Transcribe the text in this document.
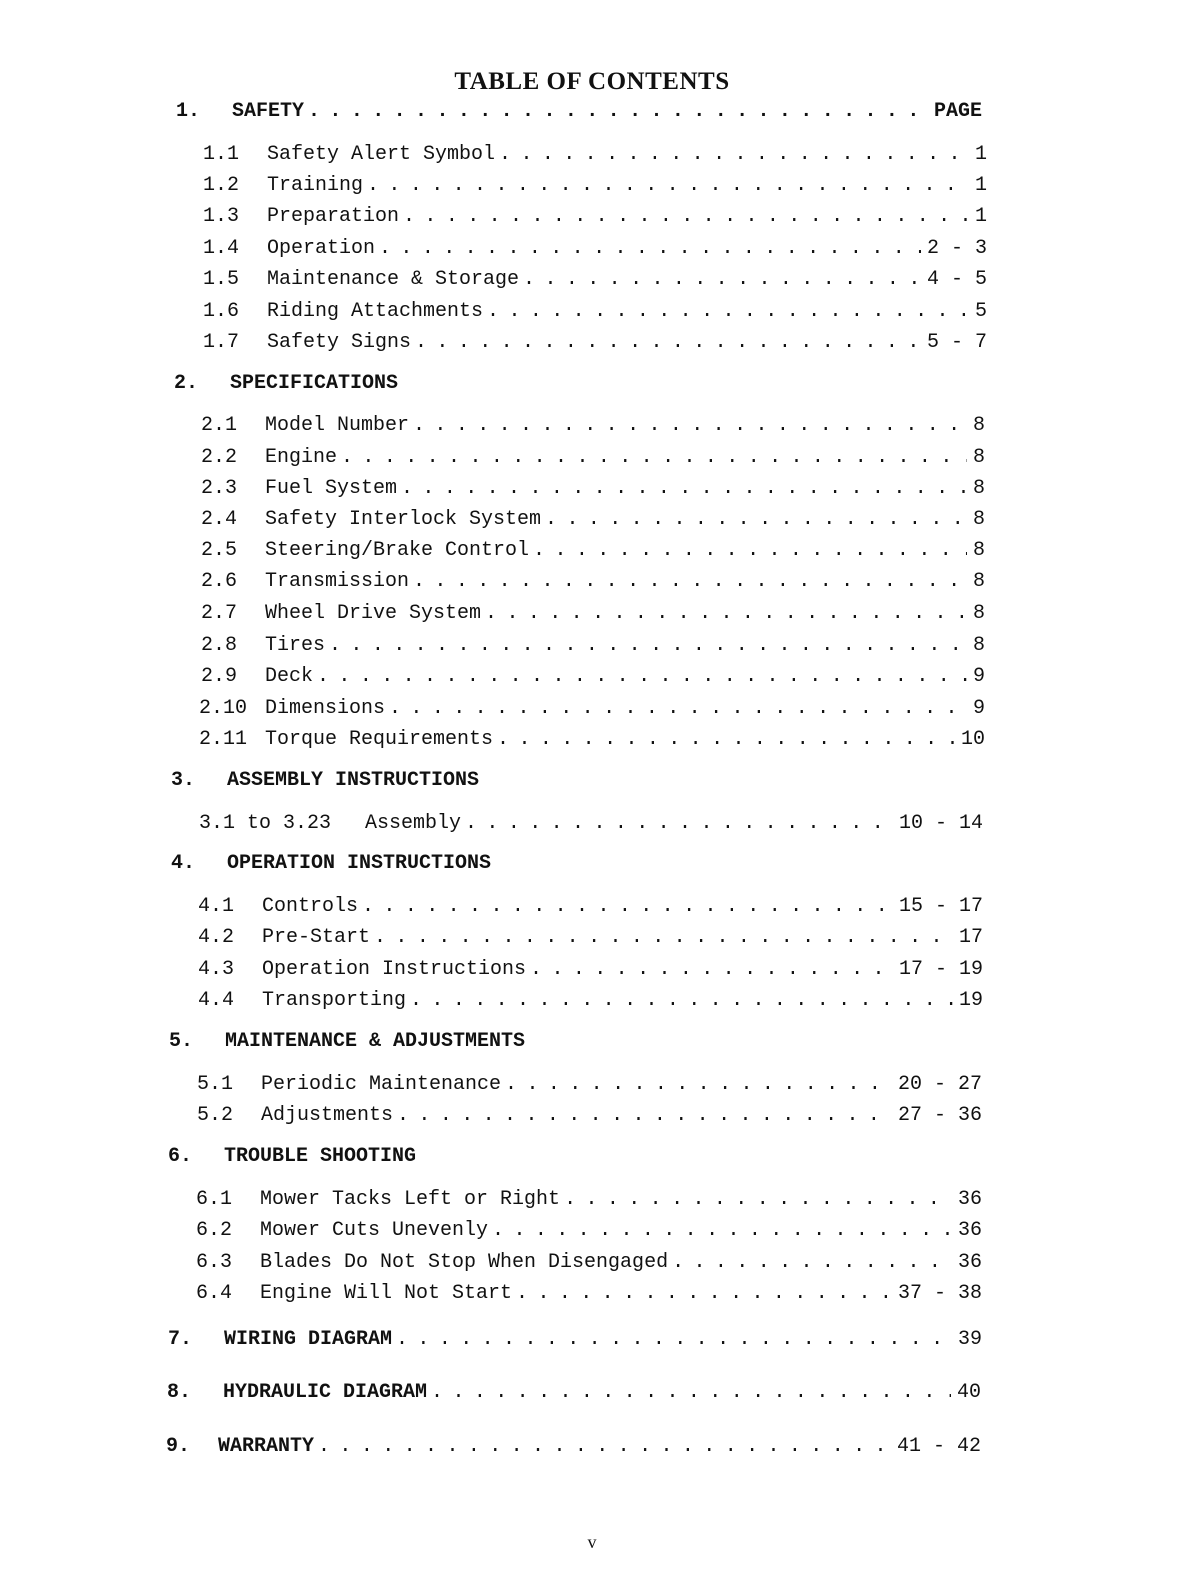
TABLE OF CONTENTS
1.	SAFETY . . .	PAGE
1.1	Safety Alert Symbol . . .	1
1.2	Training . . .	1
1.3	Preparation . . .	1
1.4	Operation . . .	2 - 3
1.5	Maintenance & Storage . . .	4 - 5
1.6	Riding Attachments . . .	5
1.7	Safety Signs . . .	5 - 7
2.	SPECIFICATIONS
2.1	Model Number . . .	8
2.2	Engine . . .	8
2.3	Fuel System . . .	8
2.4	Safety Interlock System . . .	8
2.5	Steering/Brake Control . . .	8
2.6	Transmission . . .	8
2.7	Wheel Drive System . . .	8
2.8	Tires . . .	8
2.9	Deck . . .	9
2.10 Dimensions . . .	9
2.11 Torque Requirements . . .	10
3.	ASSEMBLY INSTRUCTIONS
3.1 to 3.23	Assembly . . .	10 - 14
4.	OPERATION INSTRUCTIONS
4.1	Controls . . .	15 - 17
4.2	Pre-Start . . .	17
4.3	Operation Instructions . . .	17 - 19
4.4	Transporting . . .	19
5.	MAINTENANCE & ADJUSTMENTS
5.1	Periodic Maintenance . . .	20 - 27
5.2	Adjustments . . .	27 - 36
6.	TROUBLE SHOOTING
6.1	Mower Tacks Left or Right . . .	36
6.2	Mower Cuts Unevenly . . .	36
6.3	Blades Do Not Stop When Disengaged . . .	36
6.4	Engine Will Not Start . . .	37 - 38
7.	WIRING DIAGRAM . . .	39
8.	HYDRAULIC DIAGRAM . . .	40
9.	WARRANTY . . .	41 - 42
v
